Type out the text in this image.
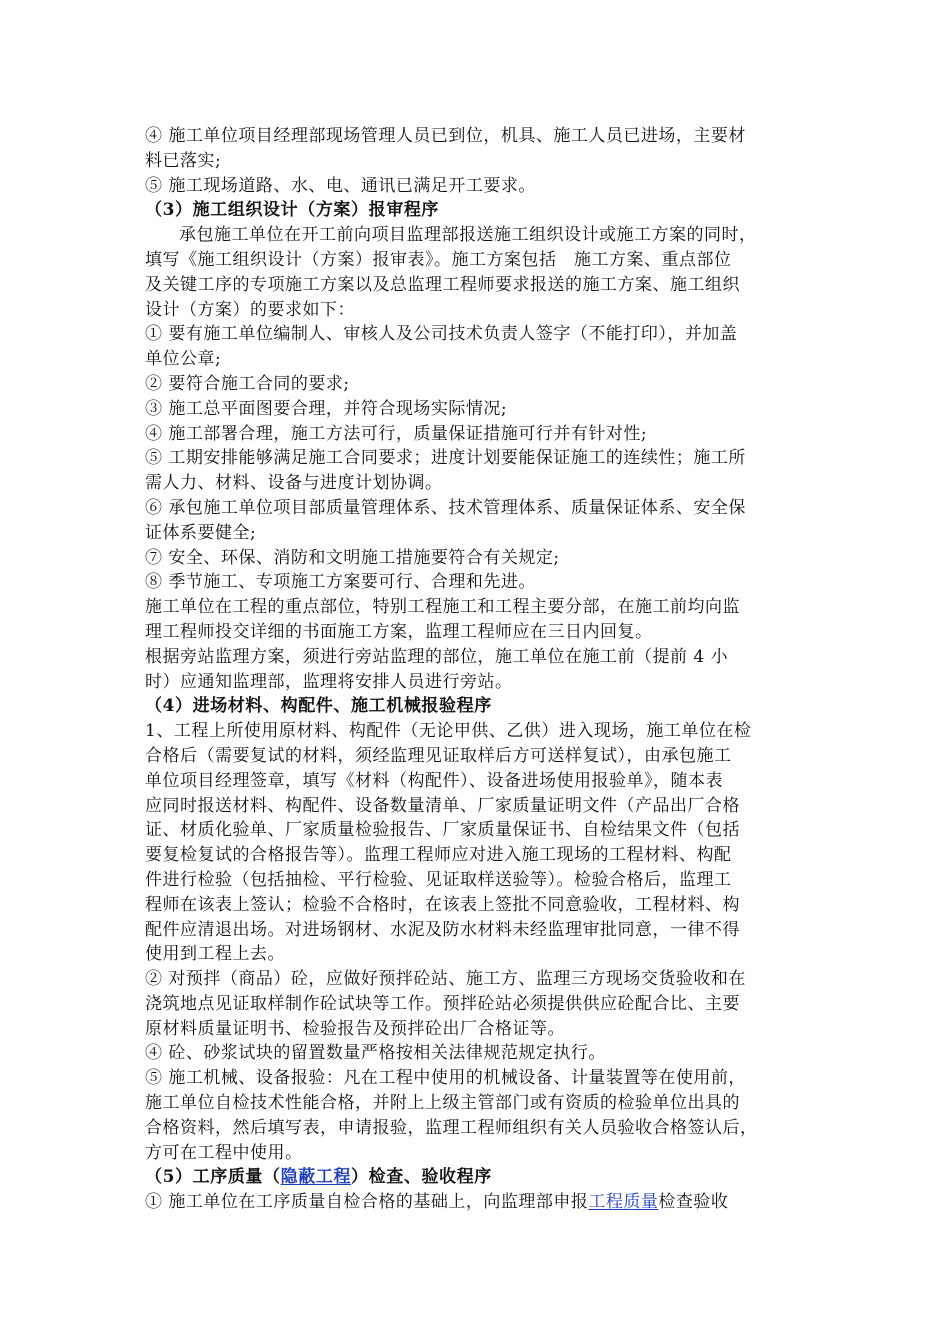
④ 施工单位项目经理部现场管理人员已到位，机具、施工人员已进场，主要材
料已落实;
⑤ 施工现场道路、水、电、通讯已满足开工要求。
（3）施工组织设计（方案）报审程序
承包施工单位在开工前向项目监理部报送施工组织设计或施工方案的同时，
填写《施工组织设计（方案）报审表》。施工方案包括　施工方案、重点部位
及关键工序的专项施工方案以及总监理工程师要求报送的施工方案、施工组织
设计（方案）的要求如下：
① 要有施工单位编制人、审核人及公司技术负责人签字（不能打印），并加盖
单位公章;
② 要符合施工合同的要求;
③ 施工总平面图要合理，并符合现场实际情况;
④ 施工部署合理，施工方法可行，质量保证措施可行并有针对性;
⑤ 工期安排能够满足施工合同要求；进度计划要能保证施工的连续性；施工所
需人力、材料、设备与进度计划协调。
⑥ 承包施工单位项目部质量管理体系、技术管理体系、质量保证体系、安全保
证体系要健全;
⑦ 安全、环保、消防和文明施工措施要符合有关规定;
⑧ 季节施工、专项施工方案要可行、合理和先进。
施工单位在工程的重点部位，特别工程施工和工程主要分部，在施工前均向监
理工程师投交详细的书面施工方案，监理工程师应在三日内回复。
根据旁站监理方案，须进行旁站监理的部位，施工单位在施工前（提前 4 小
时）应通知监理部，监理将安排人员进行旁站。
（4）进场材料、构配件、施工机械报验程序
1、工程上所使用原材料、构配件（无论甲供、乙供）进入现场，施工单位在检
合格后（需要复试的材料，须经监理见证取样后方可送样复试），由承包施工
单位项目经理签章，填写《材料（构配件）、设备进场使用报验单》，随本表
应同时报送材料、构配件、设备数量清单、厂家质量证明文件（产品出厂合格
证、材质化验单、厂家质量检验报告、厂家质量保证书、自检结果文件（包括
要复检复试的合格报告等）。监理工程师应对进入施工现场的工程材料、构配
件进行检验（包括抽检、平行检验、见证取样送验等）。检验合格后，监理工
程师在该表上签认；检验不合格时，在该表上签批不同意验收，工程材料、构
配件应清退出场。对进场钢材、水泥及防水材料未经监理审批同意，一律不得
使用到工程上去。
② 对预拌（商品）砼，应做好预拌砼站、施工方、监理三方现场交货验收和在
浇筑地点见证取样制作砼试块等工作。预拌砼站必须提供供应砼配合比、主要
原材料质量证明书、检验报告及预拌砼出厂合格证等。
④ 砼、砂浆试块的留置数量严格按相关法律规范规定执行。
⑤ 施工机械、设备报验：凡在工程中使用的机械设备、计量装置等在使用前，
施工单位自检技术性能合格，并附上上级主管部门或有资质的检验单位出具的
合格资料，然后填写表，申请报验，监理工程师组织有关人员验收合格签认后，
方可在工程中使用。
（5）工序质量（隐蔽工程）检查、验收程序
① 施工单位在工序质量自检合格的基础上，向监理部申报工程质量检查验收
